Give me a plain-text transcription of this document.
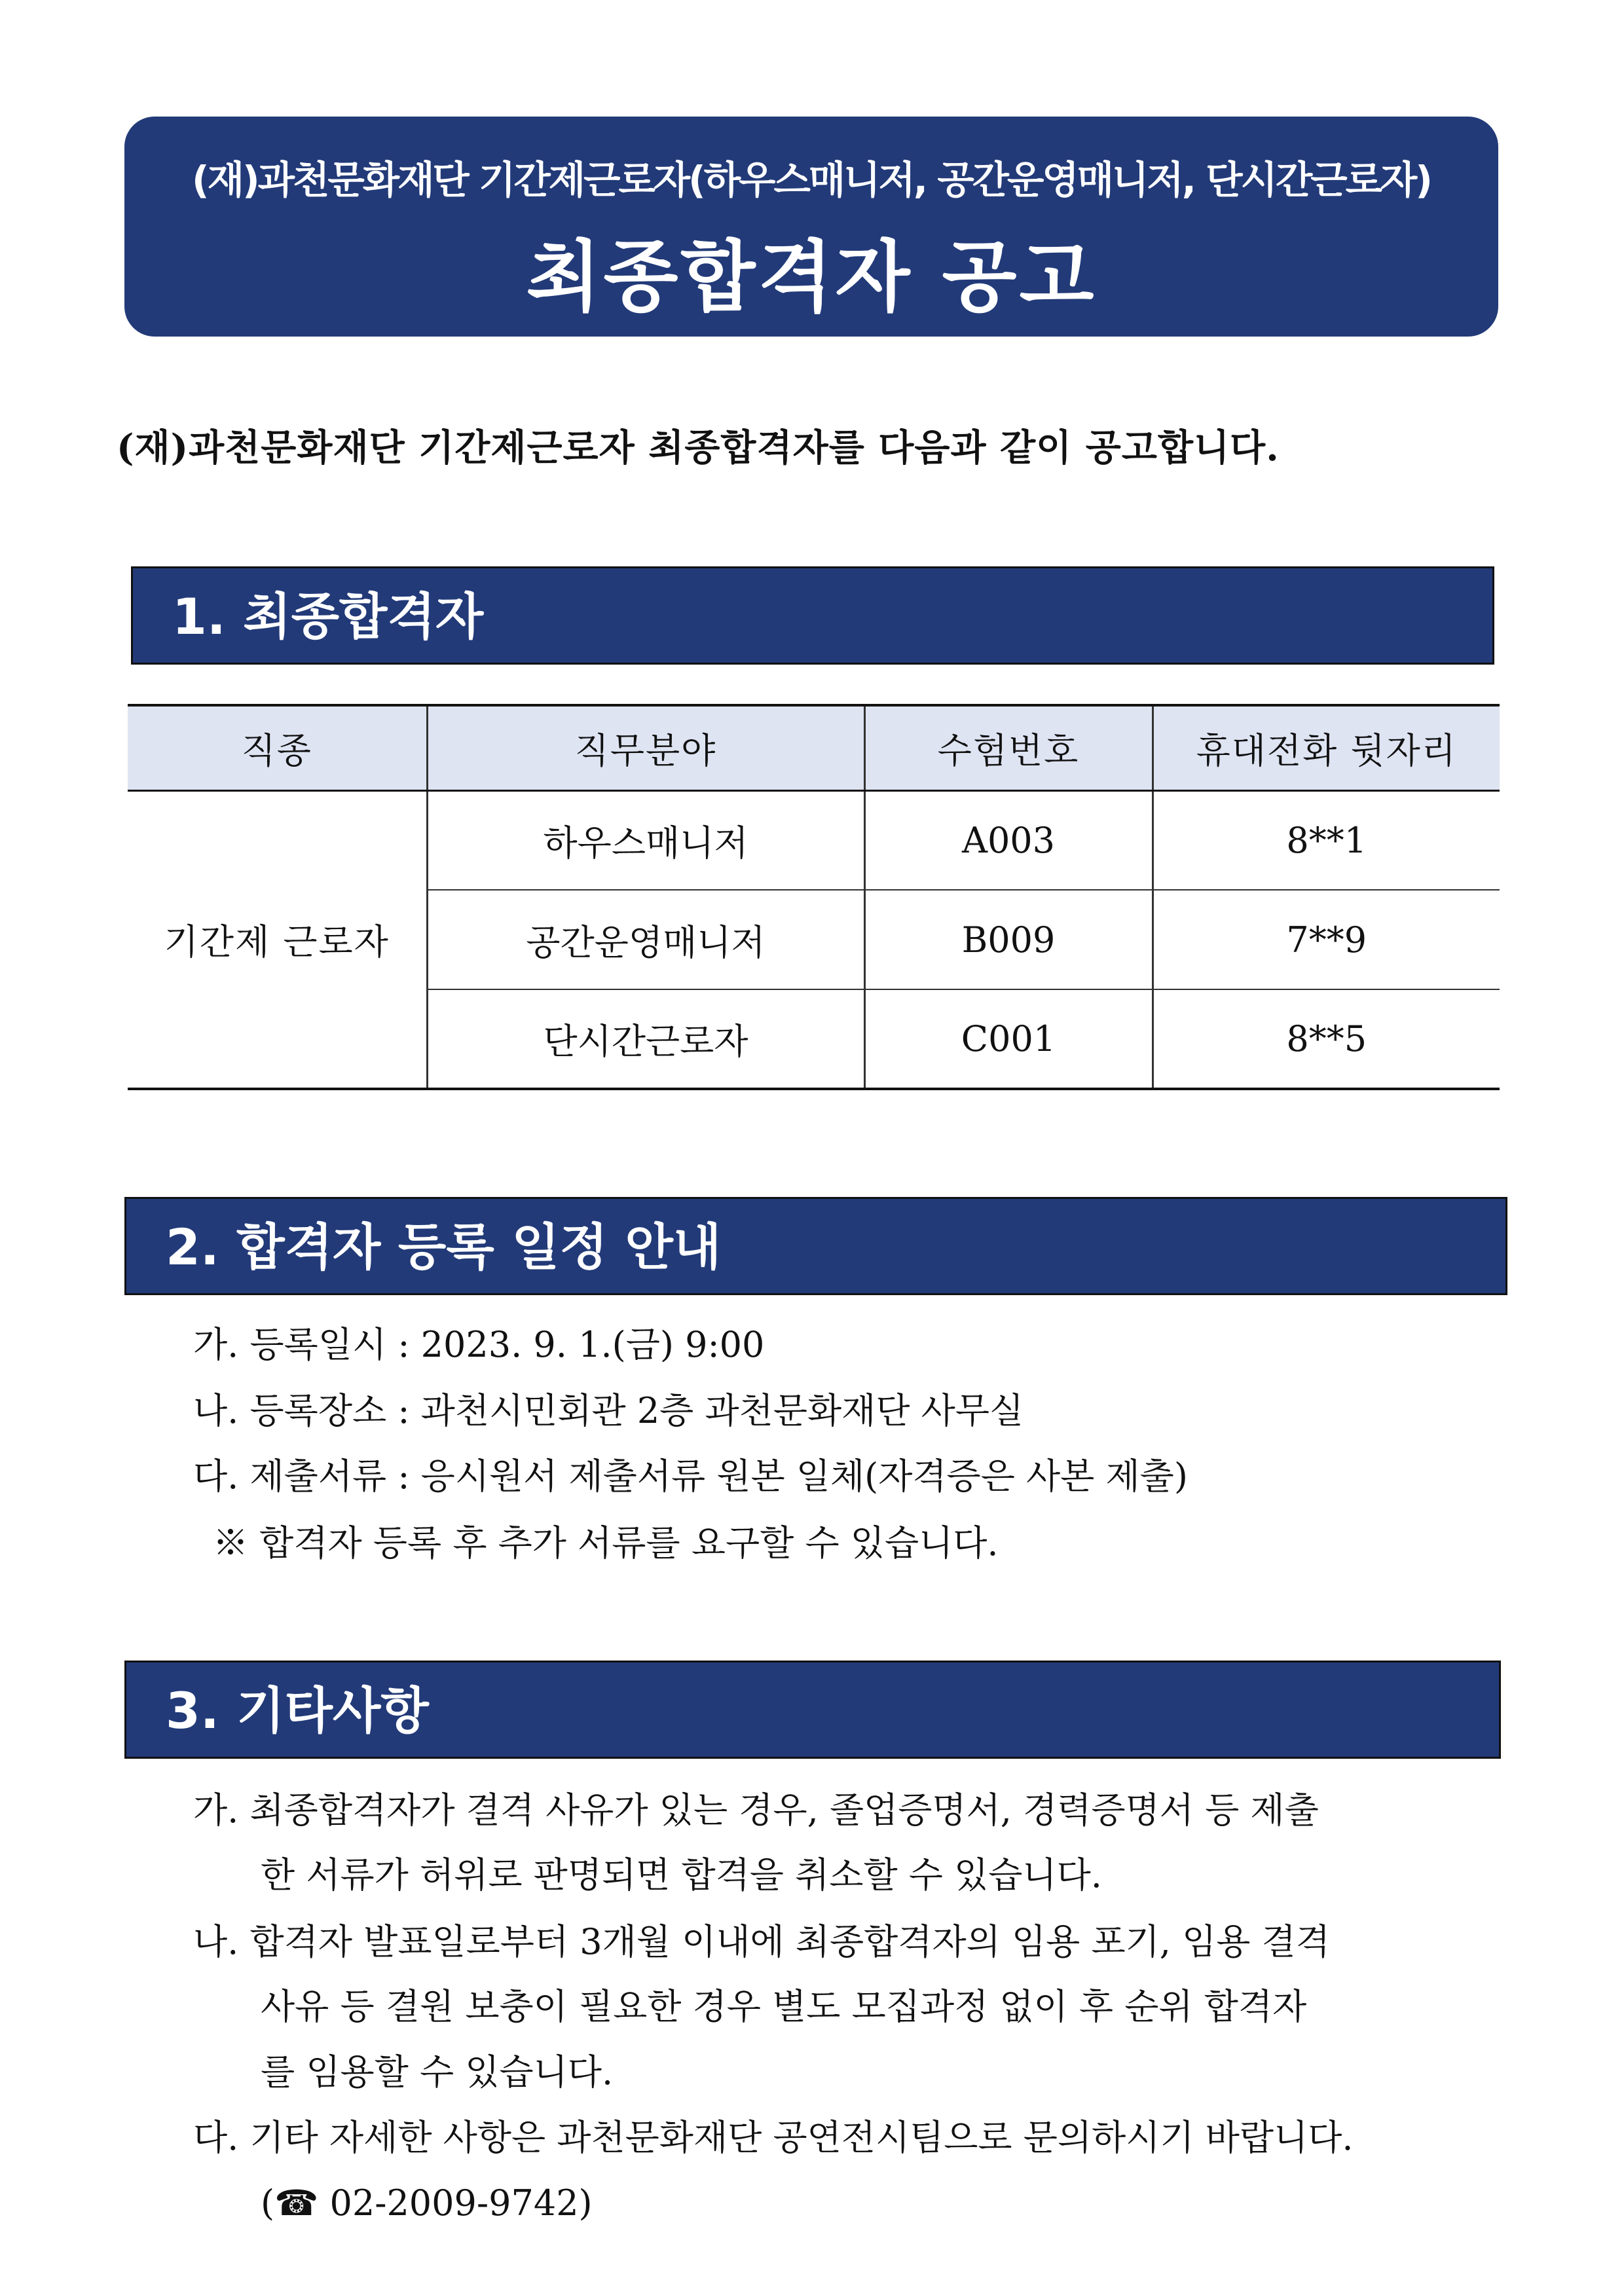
(재)과천문화재단 기간제근로자(하우스매니저, 공간운영매니저, 단시간근로자)
최종합격자 공고
(재)과천문화재단 기간제근로자 최종합격자를 다음과 같이 공고합니다.
1. 최종합격자
직종	직무분야	수험번호	휴대전화 뒷자리
기간제 근로자	하우스매니저	A003	8**1
	공간운영매니저	B009	7**9
	단시간근로자	C001	8**5
2. 합격자 등록 일정 안내
가. 등록일시 : 2023. 9. 1.(금) 9:00
나. 등록장소 : 과천시민회관 2층 과천문화재단 사무실
다. 제출서류 : 응시원서 제출서류 원본 일체(자격증은 사본 제출)
※ 합격자 등록 후 추가 서류를 요구할 수 있습니다.
3. 기타사항
가. 최종합격자가 결격 사유가 있는 경우, 졸업증명서, 경력증명서 등 제출
한 서류가 허위로 판명되면 합격을 취소할 수 있습니다.
나. 합격자 발표일로부터 3개월 이내에 최종합격자의 임용 포기, 임용 결격
사유 등 결원 보충이 필요한 경우 별도 모집과정 없이 후 순위 합격자
를 임용할 수 있습니다.
다. 기타 자세한 사항은 과천문화재단 공연전시팀으로 문의하시기 바랍니다.
(☎ 02-2009-9742)
